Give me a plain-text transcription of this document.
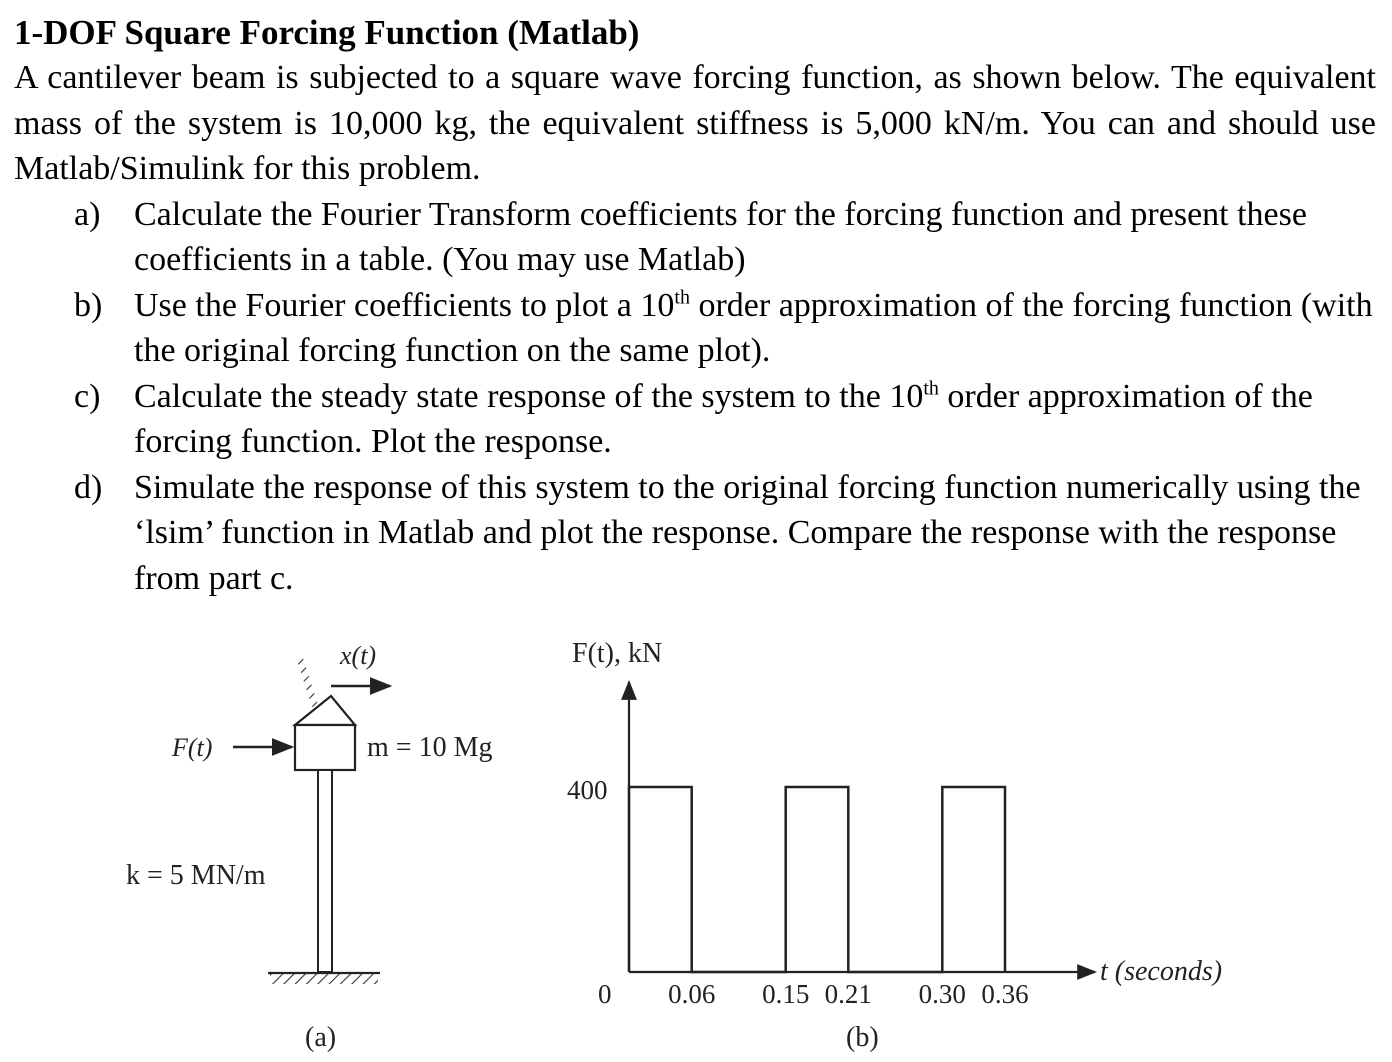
1-DOF Square Forcing Function (Matlab)

A cantilever beam is subjected to a square wave forcing function, as shown below. The equivalent mass of the system is 10,000 kg, the equivalent stiffness is 5,000 kN/m. You can and should use Matlab/Simulink for this problem.

a) Calculate the Fourier Transform coefficients for the forcing function and present these coefficients in a table. (You may use Matlab)
b) Use the Fourier coefficients to plot a 10th order approximation of the forcing function (with the original forcing function on the same plot).
c) Calculate the steady state response of the system to the 10th order approximation of the forcing function. Plot the response.
d) Simulate the response of this system to the original forcing function numerically using the ‘lsim’ function in Matlab and plot the response. Compare the response with the response from part c.
x(t)
m = 10 Mg
F(t)
k = 5 MN/m
(a)
F(t), kN
t (seconds)
400
0 0.06 0.15 0.21 0.30 0.36
(b)
